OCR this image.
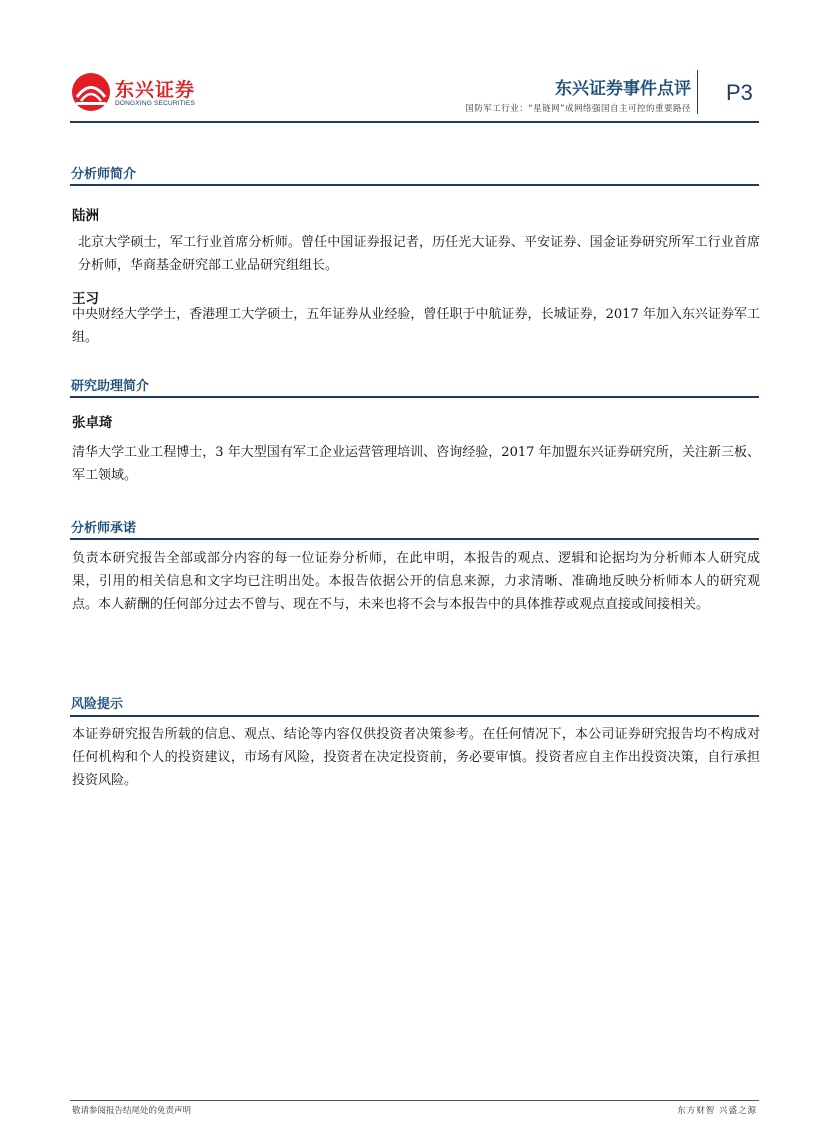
东兴证券
DONGXING SECURITIES
东兴证券事件点评
国防军工行业：“星链网”成网络强国自主可控的重要路径
P3
分析师简介
陆洲
北京大学硕士，军工行业首席分析师。曾任中国证券报记者，历任光大证券、平安证券、国金证券研究所军工行业首席分析师，华商基金研究部工业品研究组组长。
王习
中央财经大学学士，香港理工大学硕士，五年证券从业经验，曾任职于中航证券，长城证券，2017 年加入东兴证券军工组。
研究助理简介
张卓琦
清华大学工业工程博士，3 年大型国有军工企业运营管理培训、咨询经验，2017 年加盟东兴证券研究所，关注新三板、军工领域。
分析师承诺
负责本研究报告全部或部分内容的每一位证券分析师，在此申明，本报告的观点、逻辑和论据均为分析师本人研究成果，引用的相关信息和文字均已注明出处。本报告依据公开的信息来源，力求清晰、准确地反映分析师本人的研究观点。本人薪酬的任何部分过去不曾与、现在不与，未来也将不会与本报告中的具体推荐或观点直接或间接相关。
风险提示
本证券研究报告所载的信息、观点、结论等内容仅供投资者决策参考。在任何情况下，本公司证券研究报告均不构成对任何机构和个人的投资建议，市场有风险，投资者在决定投资前，务必要审慎。投资者应自主作出投资决策，自行承担投资风险。
敬请参阅报告结尾处的免责声明	东方财智 兴盛之源
